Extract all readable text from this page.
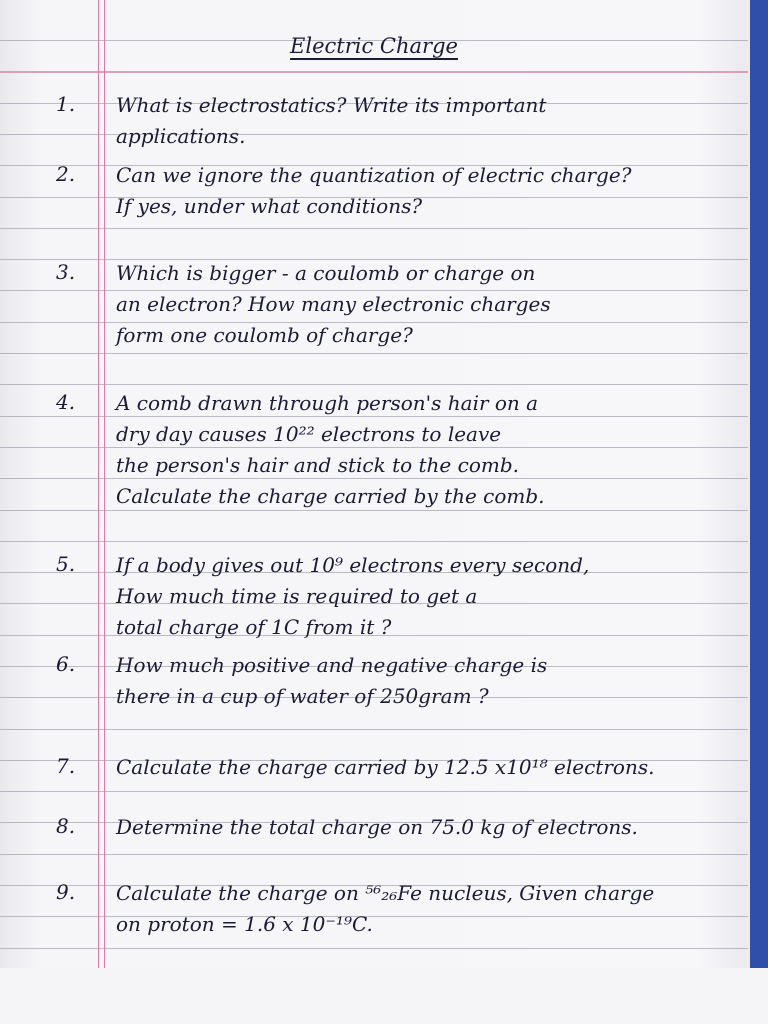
Electric Charge
1. What is electrostatics? Write its important
applications.
2. Can we ignore the quantization of electric charge?
If yes, under what conditions?
3. Which is bigger - a coulomb or charge on
an electron? How many electronic charges
form one coulomb of charge?
4. A comb drawn through person's hair on a
dry day causes 10²² electrons to leave
the person's hair and stick to the comb.
Calculate the charge carried by the comb.
5. If a body gives out 10⁹ electrons every second,
How much time is required to get a
total charge of 1C from it ?
6. How much positive and negative charge is
there in a cup of water of 250gram ?
7. Calculate the charge carried by 12.5 x10¹⁸ electrons.
8. Determine the total charge on 75.0 kg of electrons.
9. Calculate the charge on ⁵⁶₂₆Fe nucleus, Given charge
on proton = 1.6 x 10⁻¹⁹C.
